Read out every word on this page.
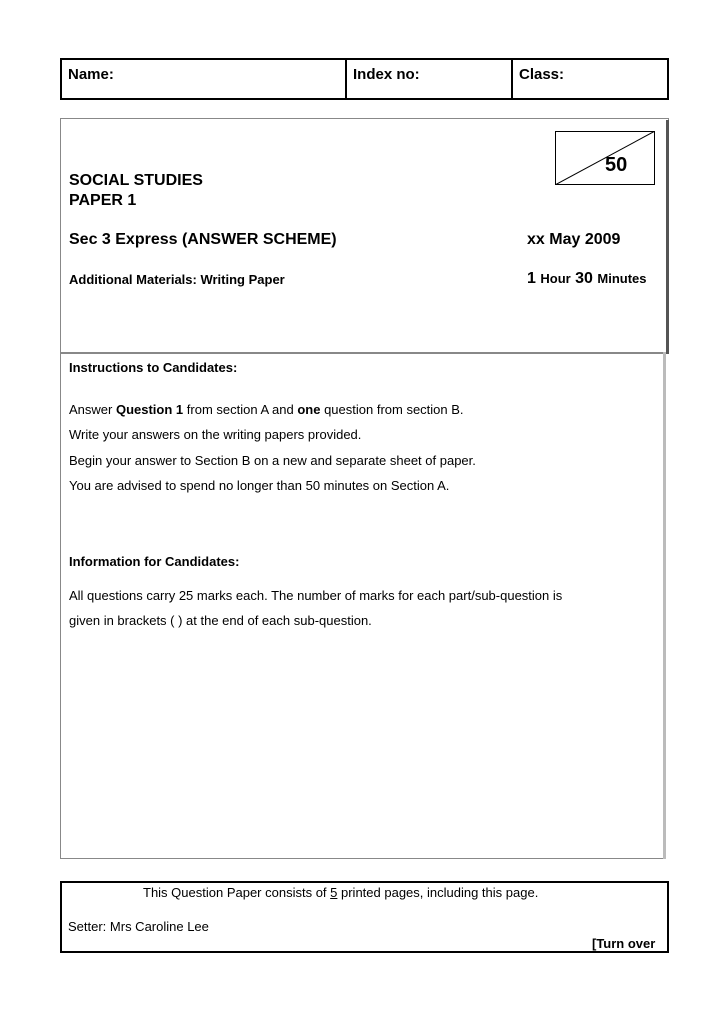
Name:	Index no:	Class:
50
SOCIAL STUDIES
PAPER 1
Sec 3 Express (ANSWER SCHEME)	xx May 2009
Additional Materials: Writing Paper	1 Hour 30 Minutes
Instructions to Candidates:
Answer Question 1 from section A and one question from section B.
Write your answers on the writing papers provided.
Begin your answer to Section B on a new and separate sheet of paper.
You are advised to spend no longer than 50 minutes on Section A.
Information for Candidates:
All questions carry 25 marks each. The number of marks for each part/sub-question is
given in brackets ( ) at the end of each sub-question.
This Question Paper consists of 5 printed pages, including this page.
Setter: Mrs Caroline Lee
[Turn over
